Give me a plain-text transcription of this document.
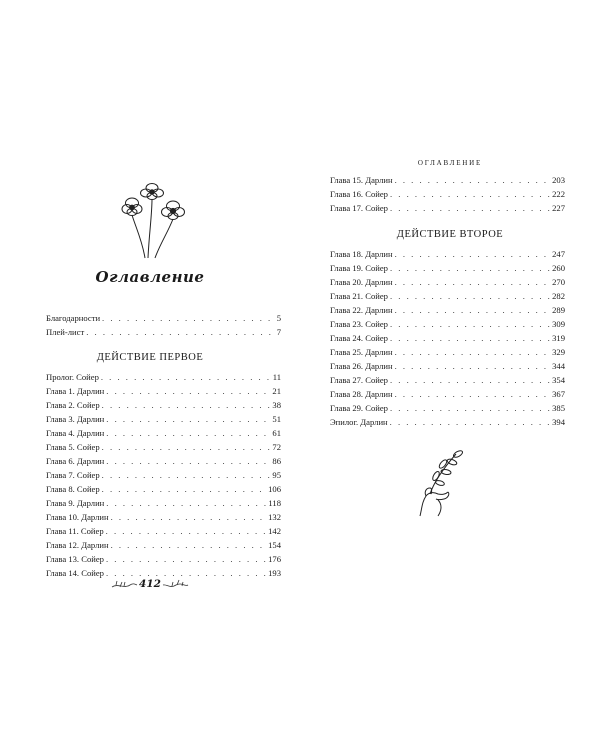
Оглавление
Благодарности . . .	5
Плей-лист . . .	7
ДЕЙСТВИЕ ПЕРВОЕ
Пролог. Сойер . . .	11
Глава 1. Дарлин . . .	21
Глава 2. Сойер . . .	38
Глава 3. Дарлин . . .	51
Глава 4. Дарлин . . .	61
Глава 5. Сойер . . .	72
Глава 6. Дарлин . . .	86
Глава 7. Сойер . . .	95
Глава 8. Сойер . . .	106
Глава 9. Дарлин . . .	118
Глава 10. Дарлин . . .	132
Глава 11. Сойер . . .	142
Глава 12. Дарлин . . .	154
Глава 13. Сойер . . .	176
Глава 14. Сойер . . .	193
412
ОГЛАВЛЕНИЕ
Глава 15. Дарлин . . .	203
Глава 16. Сойер . . .	222
Глава 17. Сойер . . .	227
ДЕЙСТВИЕ ВТОРОЕ
Глава 18. Дарлин . . .	247
Глава 19. Сойер . . .	260
Глава 20. Дарлин . . .	270
Глава 21. Сойер . . .	282
Глава 22. Дарлин . . .	289
Глава 23. Сойер . . .	309
Глава 24. Сойер . . .	319
Глава 25. Дарлин . . .	329
Глава 26. Дарлин . . .	344
Глава 27. Сойер . . .	354
Глава 28. Дарлин . . .	367
Глава 29. Сойер . . .	385
Эпилог. Дарлин . . .	394
